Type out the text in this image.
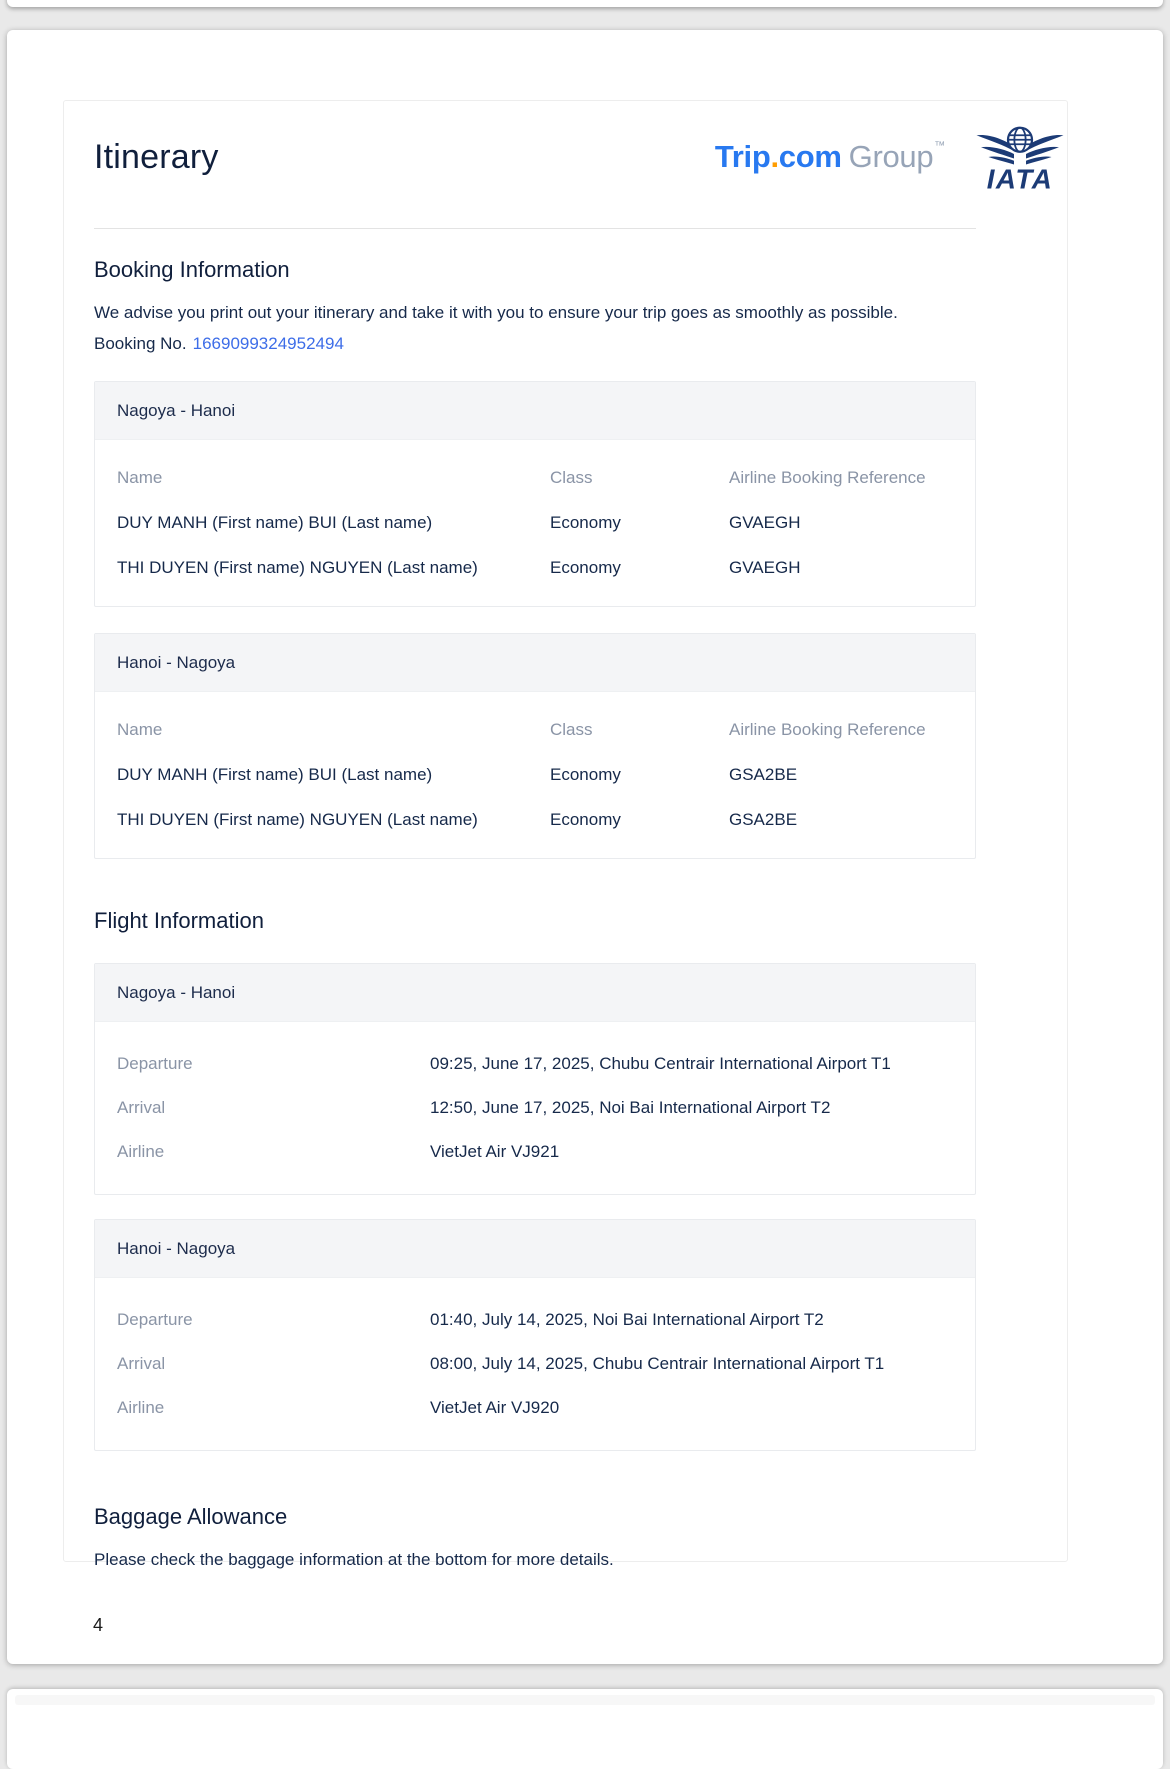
Itinerary	Trip.com Group™
IATA
Booking Information
We advise you print out your itinerary and take it with you to ensure your trip goes as smoothly as possible.
Booking No. 1669099324952494
Nagoya - Hanoi
Name	Class	Airline Booking Reference
DUY MANH (First name) BUI (Last name)	Economy	GVAEGH
THI DUYEN (First name) NGUYEN (Last name)	Economy	GVAEGH
Hanoi - Nagoya
Name	Class	Airline Booking Reference
DUY MANH (First name) BUI (Last name)	Economy	GSA2BE
THI DUYEN (First name) NGUYEN (Last name)	Economy	GSA2BE
Flight Information
Nagoya - Hanoi
Departure	09:25, June 17, 2025, Chubu Centrair International Airport T1
Arrival	12:50, June 17, 2025, Noi Bai International Airport T2
Airline	VietJet Air VJ921
Hanoi - Nagoya
Departure	01:40, July 14, 2025, Noi Bai International Airport T2
Arrival	08:00, July 14, 2025, Chubu Centrair International Airport T1
Airline	VietJet Air VJ920
Baggage Allowance
Please check the baggage information at the bottom for more details.
4
